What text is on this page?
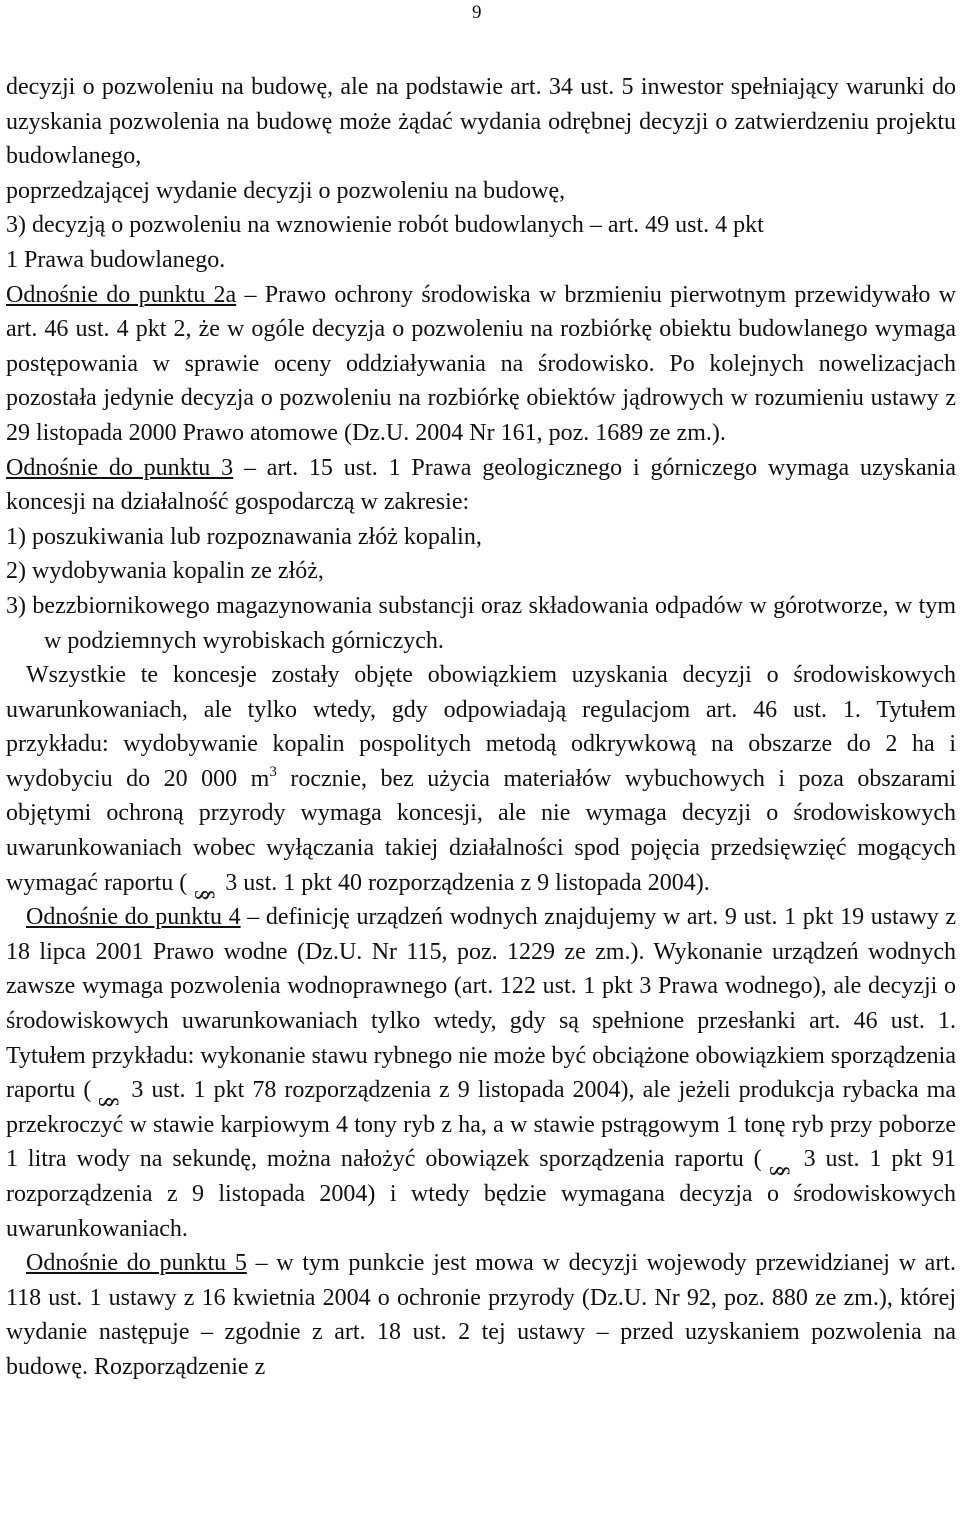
9

decyzji o pozwoleniu na budowę, ale na podstawie art. 34 ust. 5 inwestor spełniający warunki do uzyskania pozwolenia na budowę może żądać wydania odrębnej decyzji o zatwierdzeniu projektu budowlanego,
poprzedzającej wydanie decyzji o pozwoleniu na budowę,

3) decyzją o pozwoleniu na wznowienie robót budowlanych – art. 49 ust. 4 pkt
1 Prawa budowlanego.

Odnośnie do punktu 2a – Prawo ochrony środowiska w brzmieniu pierwotnym przewidywało w art. 46 ust. 4 pkt 2, że w ogóle decyzja o pozwoleniu na rozbiórkę obiektu budowlanego wymaga postępowania w sprawie oceny oddziaływania na środowisko. Po kolejnych nowelizacjach pozostała jedynie decyzja o pozwoleniu na rozbiórkę obiektów jądrowych w rozumieniu ustawy z 29 listopada 2000 Prawo atomowe (Dz.U. 2004 Nr 161, poz. 1689 ze zm.).

Odnośnie do punktu 3 – art. 15 ust. 1 Prawa geologicznego i górniczego wymaga uzyskania koncesji na działalność gospodarczą w zakresie:

1) poszukiwania lub rozpoznawania złóż kopalin,

2) wydobywania kopalin ze złóż,

3) bezzbiornikowego magazynowania substancji oraz składowania odpadów w górotworze, w tym w podziemnych wyrobiskach górniczych.

Wszystkie te koncesje zostały objęte obowiązkiem uzyskania decyzji o środowiskowych uwarunkowaniach, ale tylko wtedy, gdy odpowiadają regulacjom art. 46 ust. 1. Tytułem przykładu: wydobywanie kopalin pospolitych metodą odkrywkową na obszarze do 2 ha i wydobyciu do 20 000 $m^3$ rocznie, bez użycia materiałów wybuchowych i poza obszarami objętymi ochroną przyrody wymaga koncesji, ale nie wymaga decyzji o środowiskowych uwarunkowaniach wobec wyłączania takiej działalności spod pojęcia przedsięwzięć mogących wymagać raportu ( § 3 ust. 1 pkt 40 rozporządzenia z 9 listopada 2004).

Odnośnie do punktu 4 – definicję urządzeń wodnych znajdujemy w art. 9 ust. 1 pkt 19 ustawy z 18 lipca 2001 Prawo wodne (Dz.U. Nr 115, poz. 1229 ze zm.). Wykonanie urządzeń wodnych zawsze wymaga pozwolenia wodnoprawnego (art. 122 ust. 1 pkt 3 Prawa wodnego), ale decyzji o środowiskowych uwarunkowaniach tylko wtedy, gdy są spełnione przesłanki art. 46 ust. 1. Tytułem przykładu: wykonanie stawu rybnego nie może być obciążone obowiązkiem sporządzenia raportu ( § 3 ust. 1 pkt 78 rozporządzenia z 9 listopada 2004), ale jeżeli produkcja rybacka ma przekroczyć w stawie karpiowym 4 tony ryb z ha, a w stawie pstrągowym 1 tonę ryb przy poborze 1 litra wody na sekundę, można nałożyć obowiązek sporządzenia raportu ( § 3 ust. 1 pkt 91 rozporządzenia z 9 listopada 2004) i wtedy będzie wymagana decyzja o środowiskowych uwarunkowaniach.

Odnośnie do punktu 5 – w tym punkcie jest mowa w decyzji wojewody przewidzianej w art. 118 ust. 1 ustawy z 16 kwietnia 2004 o ochronie przyrody (Dz.U. Nr 92, poz. 880 ze zm.), której wydanie następuje – zgodnie z art. 18 ust. 2 tej ustawy – przed uzyskaniem pozwolenia na budowę. Rozporządzenie z
